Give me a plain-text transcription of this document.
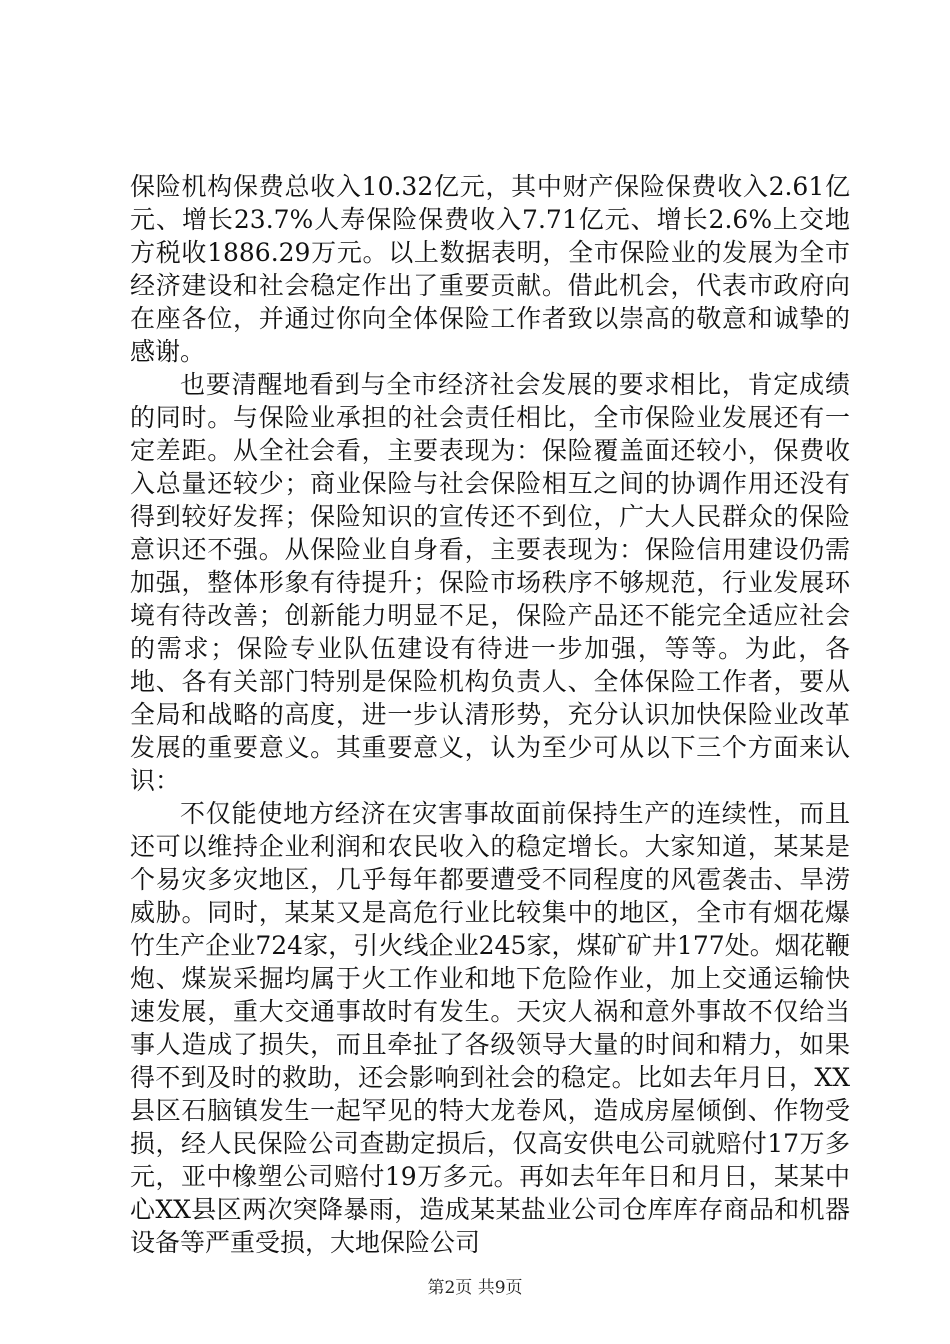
保险机构保费总收入10.32亿元，其中财产保险保费收入2.61亿元、增长23.7%人寿保险保费收入7.71亿元、增长2.6%上交地方税收1886.29万元。以上数据表明，全市保险业的发展为全市经济建设和社会稳定作出了重要贡献。借此机会，代表市政府向在座各位，并通过你向全体保险工作者致以崇高的敬意和诚挚的感谢。

也要清醒地看到与全市经济社会发展的要求相比，肯定成绩的同时。与保险业承担的社会责任相比，全市保险业发展还有一定差距。从全社会看，主要表现为：保险覆盖面还较小，保费收入总量还较少；商业保险与社会保险相互之间的协调作用还没有得到较好发挥；保险知识的宣传还不到位，广大人民群众的保险意识还不强。从保险业自身看，主要表现为：保险信用建设仍需加强，整体形象有待提升；保险市场秩序不够规范，行业发展环境有待改善；创新能力明显不足，保险产品还不能完全适应社会的需求；保险专业队伍建设有待进一步加强，等等。为此，各地、各有关部门特别是保险机构负责人、全体保险工作者，要从全局和战略的高度，进一步认清形势，充分认识加快保险业改革发展的重要意义。其重要意义，认为至少可从以下三个方面来认识：

不仅能使地方经济在灾害事故面前保持生产的连续性，而且还可以维持企业利润和农民收入的稳定增长。大家知道，某某是个易灾多灾地区，几乎每年都要遭受不同程度的风雹袭击、旱涝威胁。同时，某某又是高危行业比较集中的地区，全市有烟花爆竹生产企业724家，引火线企业245家，煤矿矿井177处。烟花鞭炮、煤炭采掘均属于火工作业和地下危险作业，加上交通运输快速发展，重大交通事故时有发生。天灾人祸和意外事故不仅给当事人造成了损失，而且牵扯了各级领导大量的时间和精力，如果得不到及时的救助，还会影响到社会的稳定。比如去年月日，XX县区石脑镇发生一起罕见的特大龙卷风，造成房屋倾倒、作物受损，经人民保险公司查勘定损后，仅高安供电公司就赔付17万多元，亚中橡塑公司赔付19万多元。再如去年年日和月日，某某中心XX县区两次突降暴雨，造成某某盐业公司仓库库存商品和机器设备等严重受损，大地保险公司

第2页 共9页
